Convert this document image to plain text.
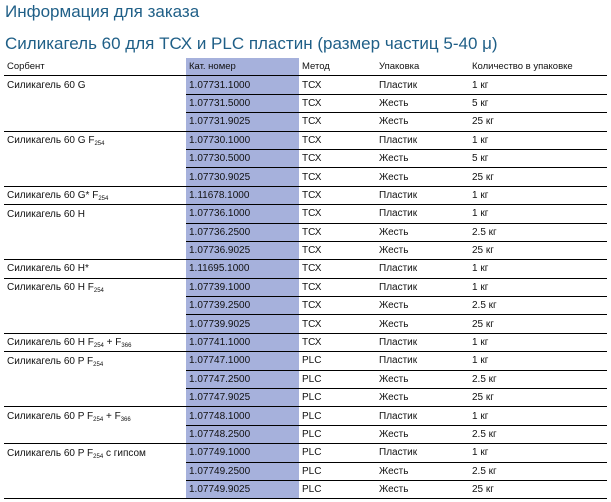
Информация для заказа
Силикагель 60 для ТСХ и PLC пластин (размер частиц 5-40 μ)
Сорбент	Кат. номер	Метод	Упаковка	Количество в упаковке
Силикагель 60 G	1.07731.1000	ТСХ	Пластик	1 кг
	1.07731.5000	ТСХ	Жесть	5 кг
	1.07731.9025	ТСХ	Жесть	25 кг
Силикагель 60 G $F_{254}$	1.07730.1000	ТСХ	Пластик	1 кг
	1.07730.5000	ТСХ	Жесть	5 кг
	1.07730.9025	ТСХ	Жесть	25 кг
Силикагель 60 G* $F_{254}$	1.11678.1000	ТСХ	Пластик	1 кг
Силикагель 60 H	1.07736.1000	ТСХ	Пластик	1 кг
	1.07736.2500	ТСХ	Жесть	2.5 кг
	1.07736.9025	ТСХ	Жесть	25 кг
Силикагель 60 H*	1.11695.1000	ТСХ	Пластик	1 кг
Силикагель 60 H $F_{254}$	1.07739.1000	ТСХ	Пластик	1 кг
	1.07739.2500	ТСХ	Жесть	2.5 кг
	1.07739.9025	ТСХ	Жесть	25 кг
Силикагель 60 H $F_{254} + F_{366}$	1.07741.1000	ТСХ	Пластик	1 кг
Силикагель 60 P $F_{254}$	1.07747.1000	PLC	Пластик	1 кг
	1.07747.2500	PLC	Жесть	2.5 кг
	1.07747.9025	PLC	Жесть	25 кг
Силикагель 60 P $F_{254} + F_{366}$	1.07748.1000	PLC	Пластик	1 кг
	1.07748.2500	PLC	Жесть	2.5 кг
Силикагель 60 P $F_{254}$ с гипсом	1.07749.1000	PLC	Пластик	1 кг
	1.07749.2500	PLC	Жесть	2.5 кг
	1.07749.9025	PLC	Жесть	25 кг
